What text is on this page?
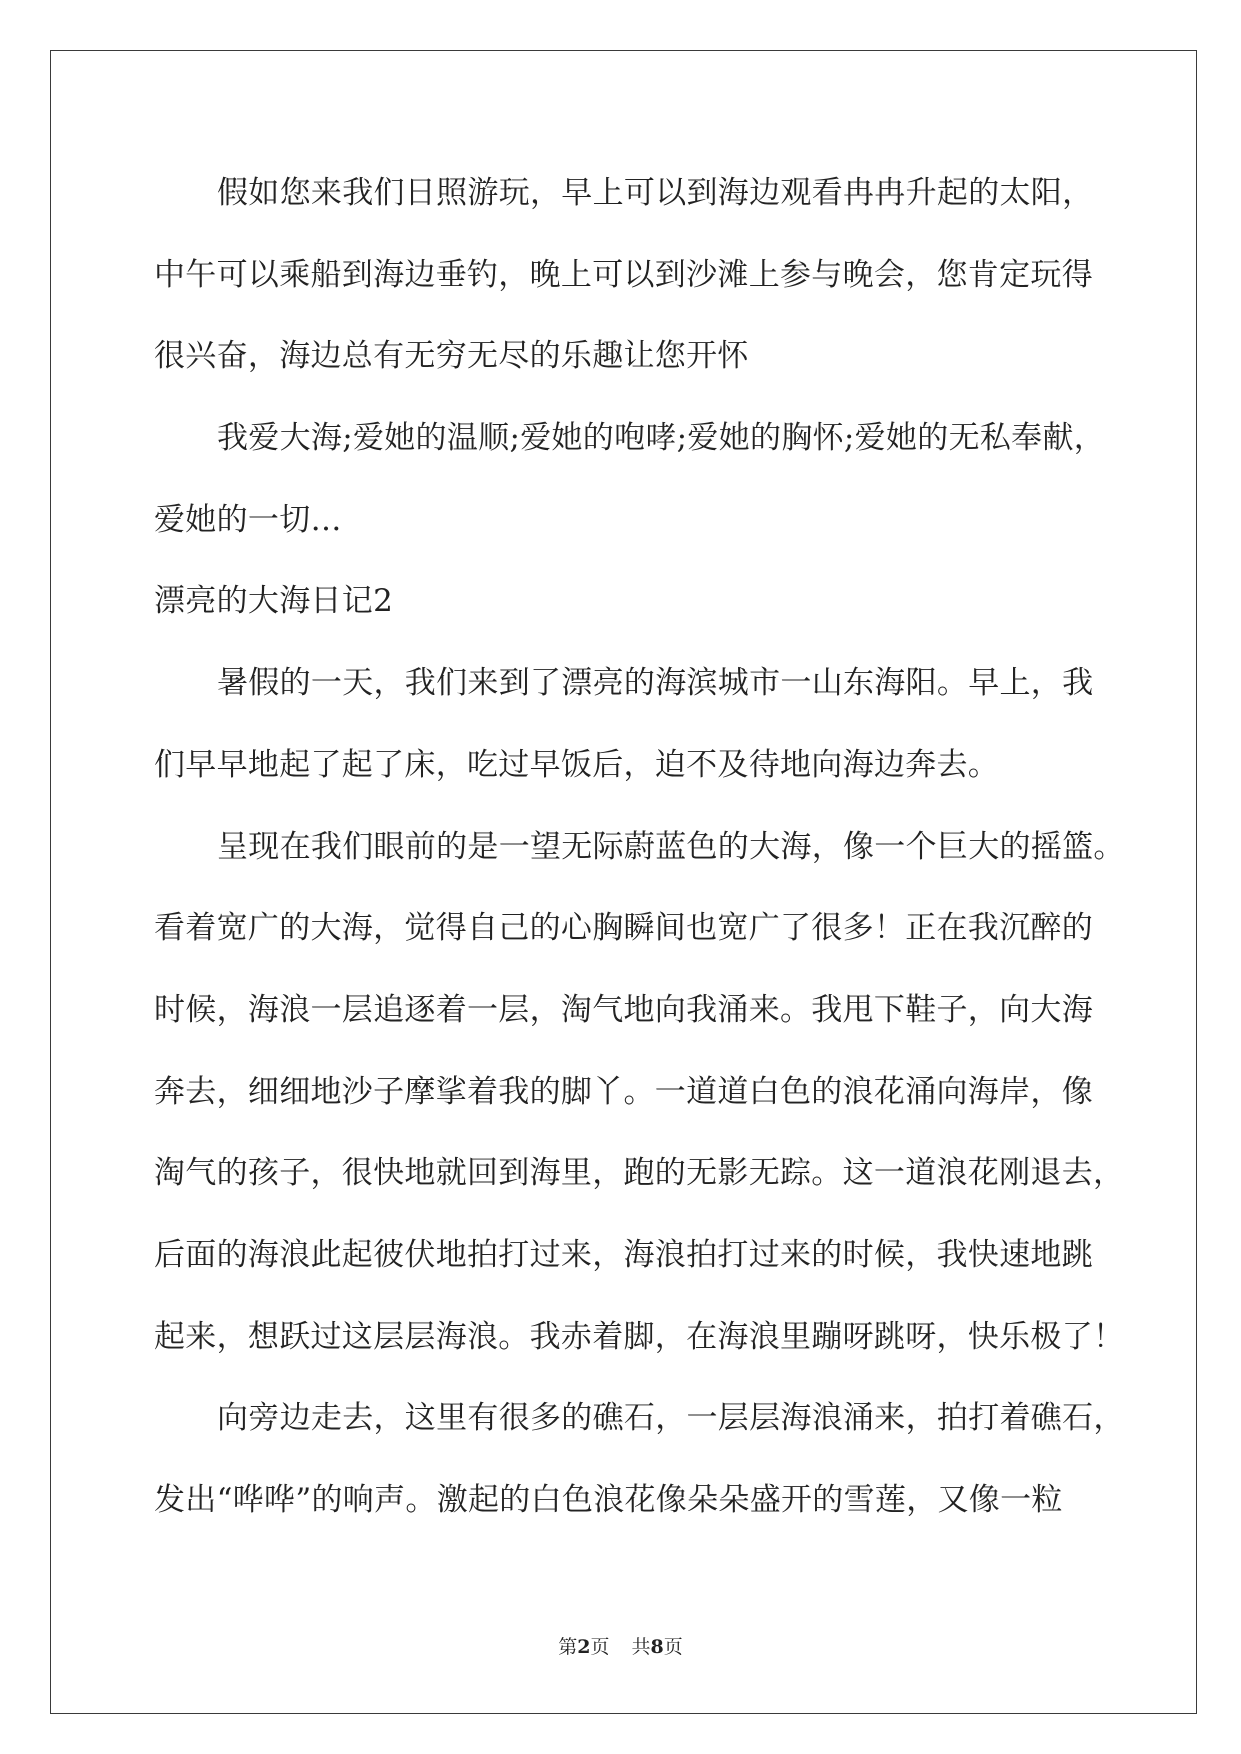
假如您来我们日照游玩，早上可以到海边观看冉冉升起的太阳，
中午可以乘船到海边垂钓，晚上可以到沙滩上参与晚会，您肯定玩得
很兴奋，海边总有无穷无尽的乐趣让您开怀
我爱大海;爱她的温顺;爱她的咆哮;爱她的胸怀;爱她的无私奉献，
爱她的一切…
漂亮的大海日记2
暑假的一天，我们来到了漂亮的海滨城市一山东海阳。早上，我
们早早地起了起了床，吃过早饭后，迫不及待地向海边奔去。
呈现在我们眼前的是一望无际蔚蓝色的大海，像一个巨大的摇篮。
看着宽广的大海，觉得自己的心胸瞬间也宽广了很多！正在我沉醉的
时候，海浪一层追逐着一层，淘气地向我涌来。我甩下鞋子，向大海
奔去，细细地沙子摩挲着我的脚丫。一道道白色的浪花涌向海岸，像
淘气的孩子，很快地就回到海里，跑的无影无踪。这一道浪花刚退去，
后面的海浪此起彼伏地拍打过来，海浪拍打过来的时候，我快速地跳
起来，想跃过这层层海浪。我赤着脚，在海浪里蹦呀跳呀，快乐极了！
向旁边走去，这里有很多的礁石，一层层海浪涌来，拍打着礁石，
发出“哗哗”的响声。激起的白色浪花像朵朵盛开的雪莲，又像一粒
第2页 共8页
